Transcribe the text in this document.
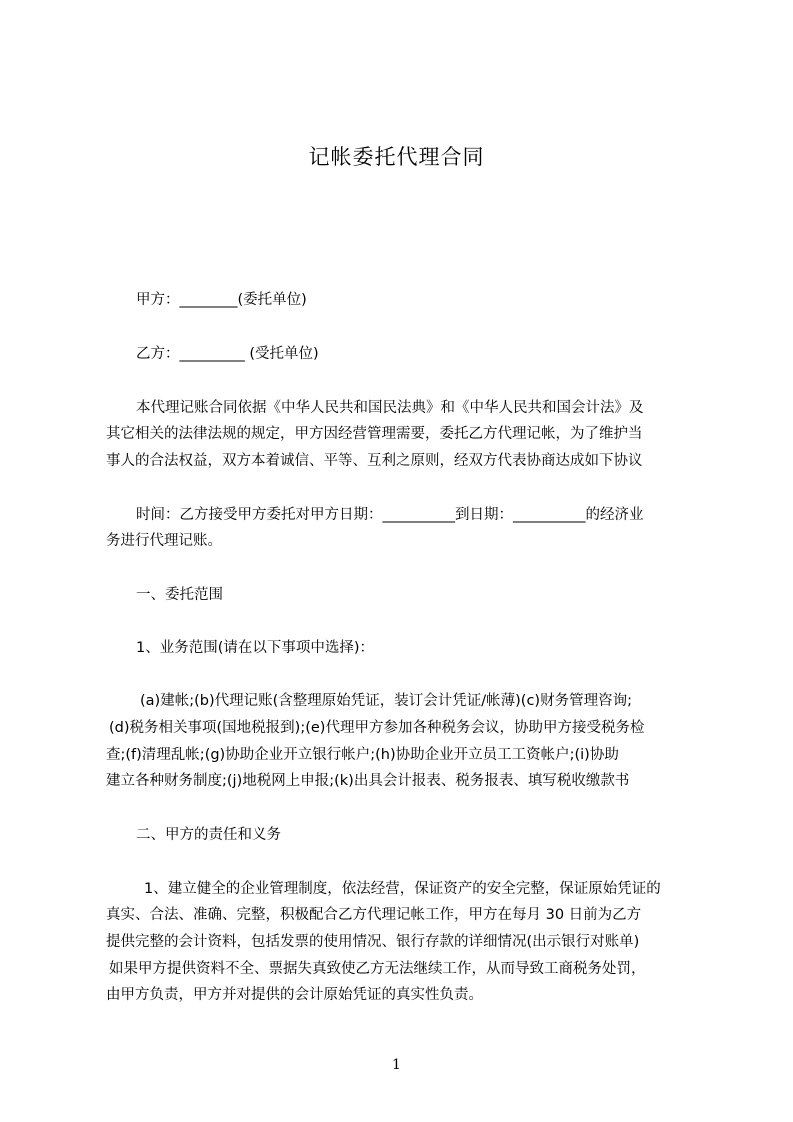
记帐委托代理合同
甲方：________(委托单位)
乙方：_________ (受托单位)
本代理记账合同依据《中华人民共和国民法典》和《中华人民共和国会计法》及
其它相关的法律法规的规定，甲方因经营管理需要，委托乙方代理记帐，为了维护当
事人的合法权益，双方本着诚信、平等、互利之原则，经双方代表协商达成如下协议
时间：乙方接受甲方委托对甲方日期：__________到日期：__________的经济业
务进行代理记账。
一、委托范围
1、业务范围(请在以下事项中选择)：
(a)建帐;(b)代理记账(含整理原始凭证，装订会计凭证/帐薄)(c)财务管理咨询;
(d)税务相关事项(国地税报到);(e)代理甲方参加各种税务会议，协助甲方接受税务检
查;(f)清理乱帐;(g)协助企业开立银行帐户;(h)协助企业开立员工工资帐户;(i)协助
建立各种财务制度;(j)地税网上申报;(k)出具会计报表、税务报表、填写税收缴款书
二、甲方的责任和义务
1、建立健全的企业管理制度，依法经营，保证资产的安全完整，保证原始凭证的
真实、合法、准确、完整，积极配合乙方代理记帐工作，甲方在每月 30 日前为乙方
提供完整的会计资料，包括发票的使用情况、银行存款的详细情况(出示银行对账单)
如果甲方提供资料不全、票据失真致使乙方无法继续工作，从而导致工商税务处罚，
由甲方负责，甲方并对提供的会计原始凭证的真实性负责。
1
